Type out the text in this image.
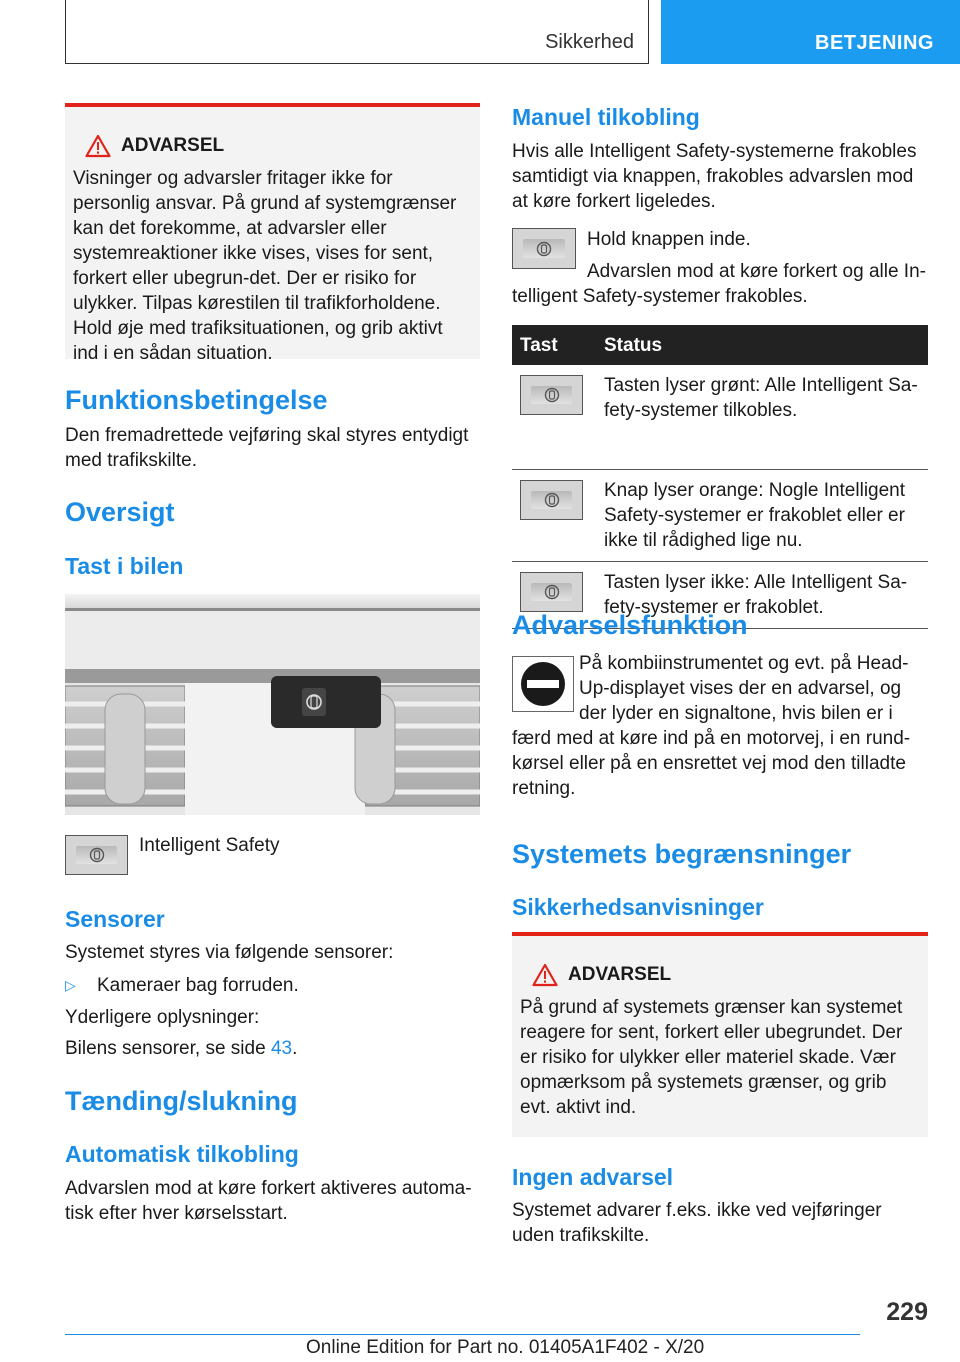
Sikkerhed	BETJENING
ADVARSEL
Visninger og advarsler fritager ikke for personlig ansvar. På grund af systemgrænser kan det forekomme, at advarsler eller systemreaktioner ikke vises, vises for sent, forkert eller ubegrun-det. Der er risiko for ulykker. Tilpas kørestilen til trafikforholdene. Hold øje med trafiksituationen, og grib aktivt ind i en sådan situation.
Funktionsbetingelse
Den fremadrettede vejføring skal styres entydigt med trafikskilte.
Oversigt
Tast i bilen
Intelligent Safety
Sensorer
Systemet styres via følgende sensorer:
▷ Kameraer bag forruden.
Yderligere oplysninger:
Bilens sensorer, se side 43.
Tænding/slukning
Automatisk tilkobling
Advarslen mod at køre forkert aktiveres automa-tisk efter hver kørselsstart.
Manuel tilkobling
Hvis alle Intelligent Safety-systemerne frakobles samtidigt via knappen, frakobles advarslen mod at køre forkert ligeledes.
Hold knappen inde.
Advarslen mod at køre forkert og alle In-telligent Safety-systemer frakobles.
Tast	Status

	Tasten lyser grønt: Alle Intelligent Sa-fety-systemer tilkobles.

	Knap lyser orange: Nogle Intelligent Safety-systemer er frakoblet eller er ikke til rådighed lige nu.

	Tasten lyser ikke: Alle Intelligent Sa-fety-systemer er frakoblet.
Advarselsfunktion
På kombiinstrumentet og evt. på Head-Up-displayet vises der en advarsel, og der lyder en signaltone, hvis bilen er i færd med at køre ind på en motorvej, i en rund-kørsel eller på en ensrettet vej mod den tilladte retning.
Systemets begrænsninger
Sikkerhedsanvisninger
ADVARSEL
På grund af systemets grænser kan systemet reagere for sent, forkert eller ubegrundet. Der er risiko for ulykker eller materiel skade. Vær opmærksom på systemets grænser, og grib evt. aktivt ind.
Ingen advarsel
Systemet advarer f.eks. ikke ved vejføringer uden trafikskilte.
229
Online Edition for Part no. 01405A1F402 - X/20
